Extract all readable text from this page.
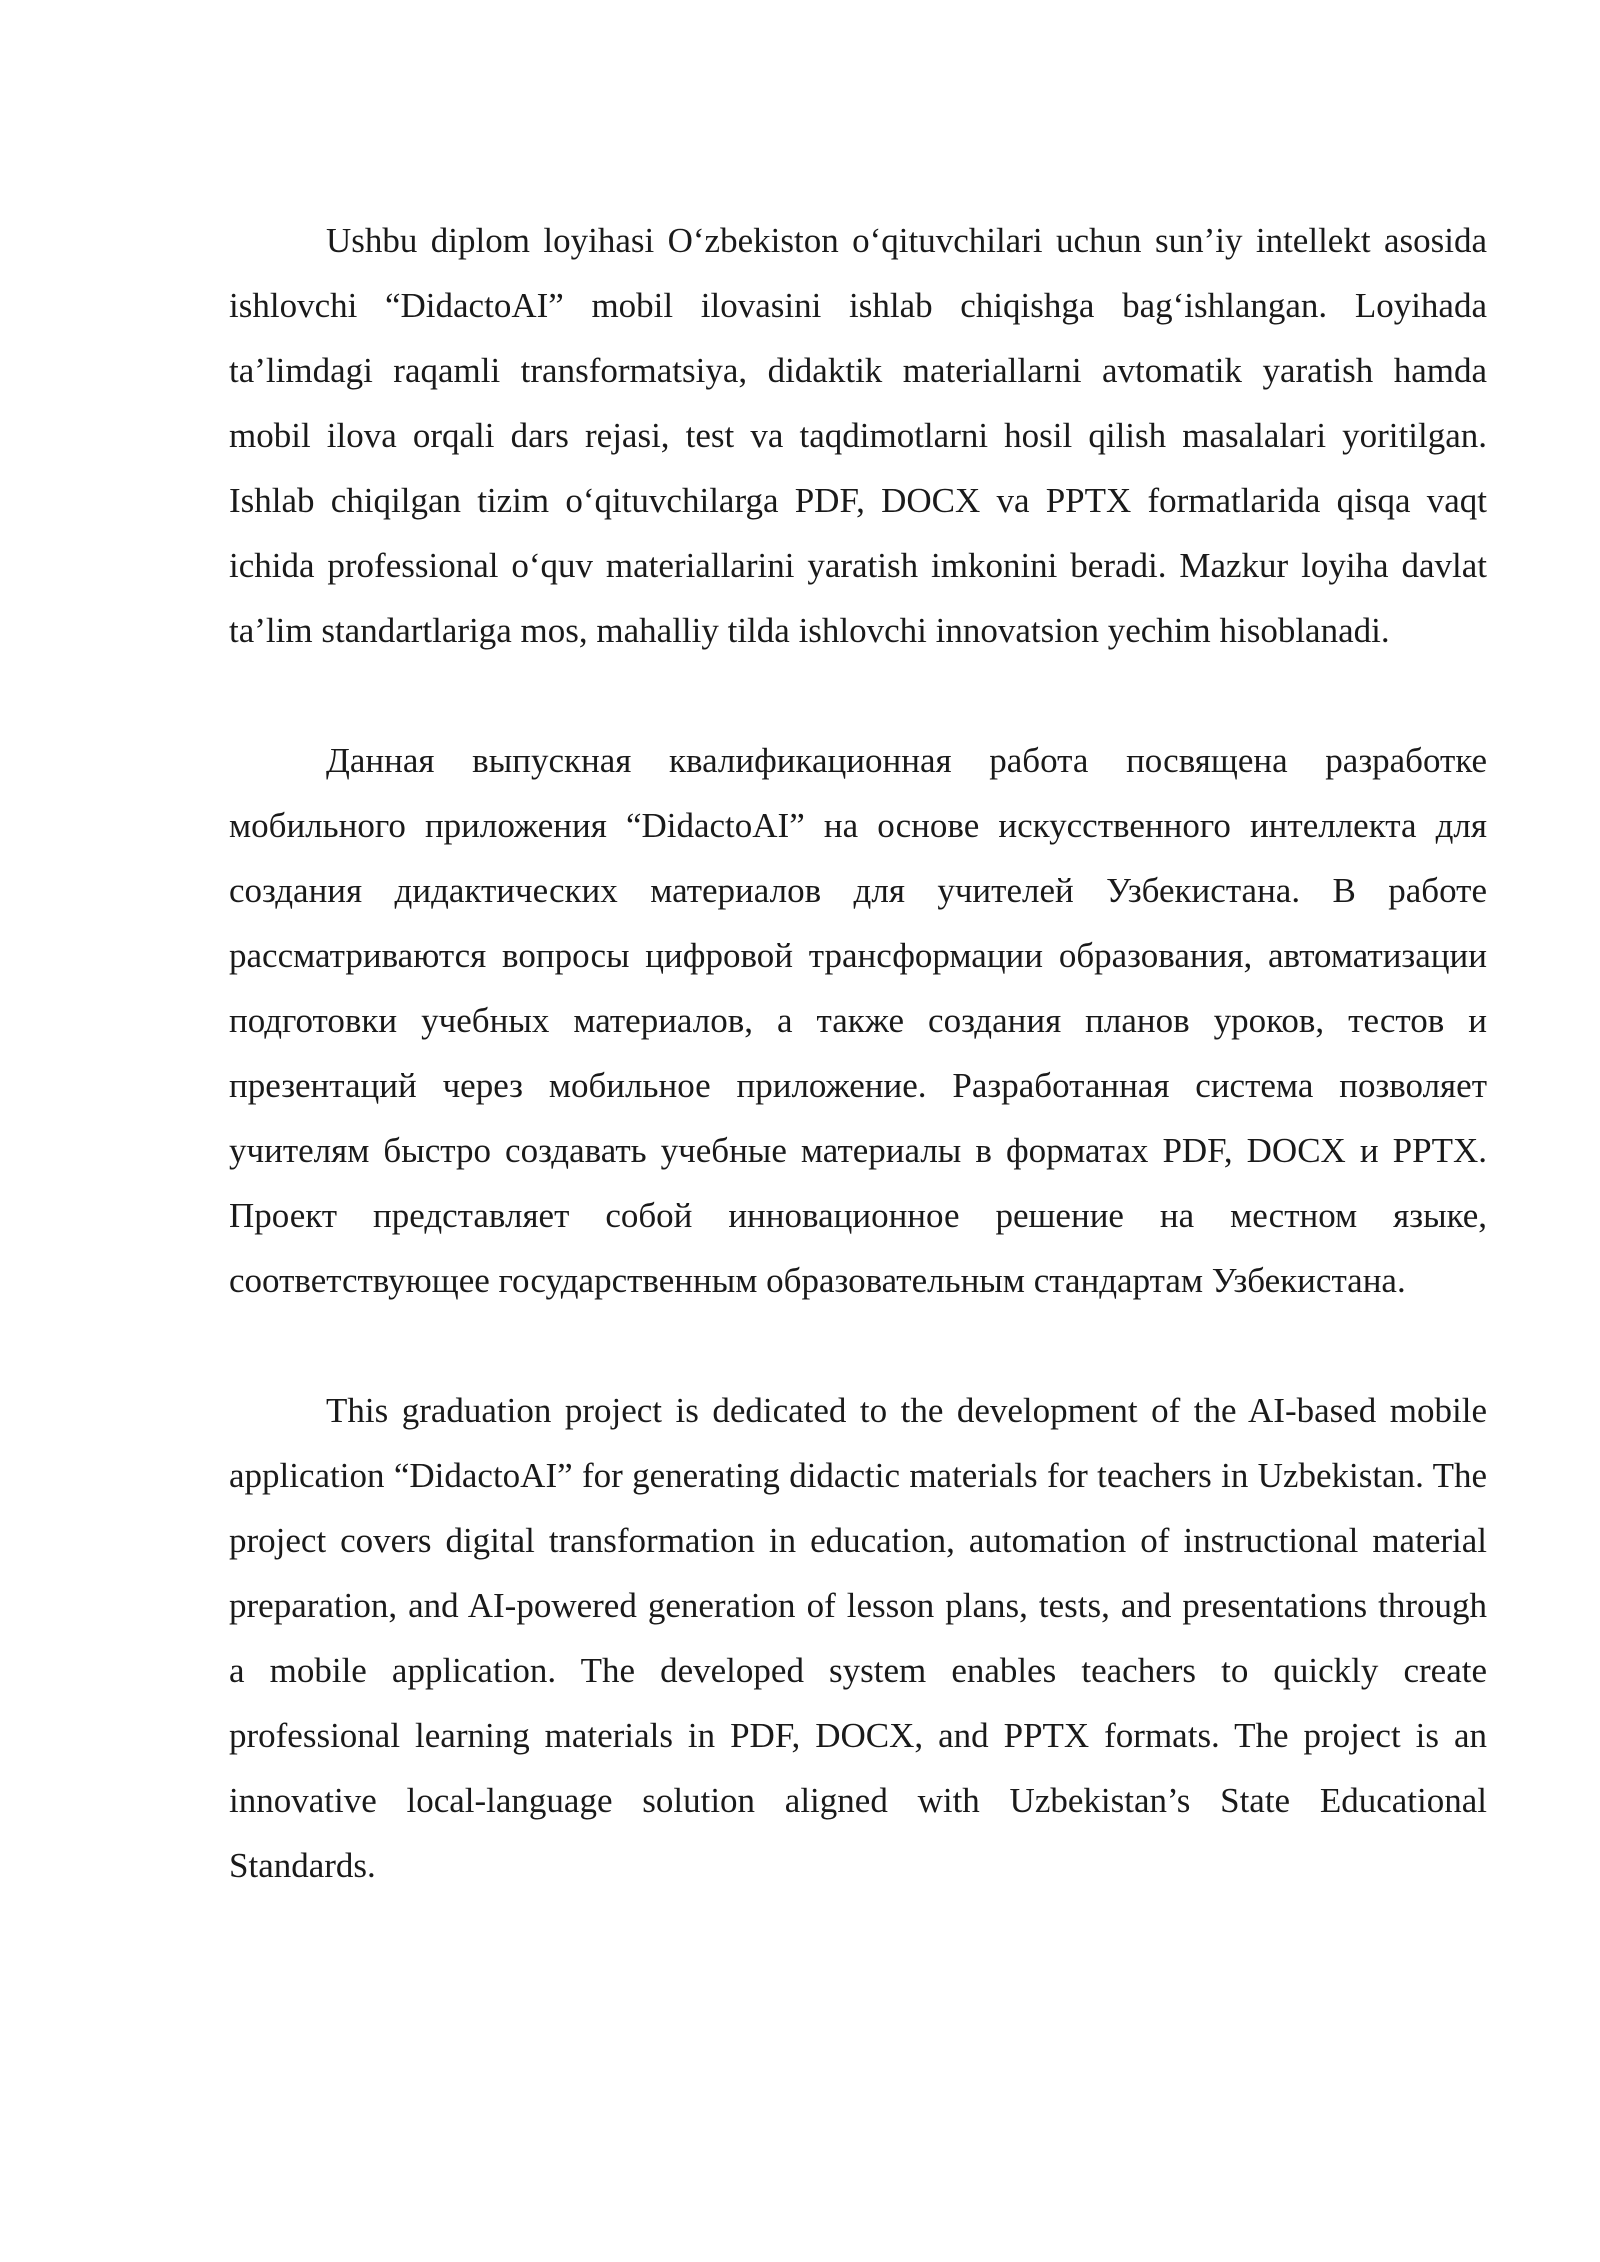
Ushbu diplom loyihasi O‘zbekiston o‘qituvchilari uchun sun’iy intellekt asosida ishlovchi “DidactoAI” mobil ilovasini ishlab chiqishga bag‘ishlangan. Loyihada ta’limdagi raqamli transformatsiya, didaktik materiallarni avtomatik yaratish hamda mobil ilova orqali dars rejasi, test va taqdimotlarni hosil qilish masalalari yoritilgan. Ishlab chiqilgan tizim o‘qituvchilarga PDF, DOCX va PPTX formatlarida qisqa vaqt ichida professional o‘quv materiallarini yaratish imkonini beradi. Mazkur loyiha davlat ta’lim standartlariga mos, mahalliy tilda ishlovchi innovatsion yechim hisoblanadi.

Данная выпускная квалификационная работа посвящена разработке мобильного приложения “DidactoAI” на основе искусственного интеллекта для создания дидактических материалов для учителей Узбекистана. В работе рассматриваются вопросы цифровой трансформации образования, автоматизации подготовки учебных материалов, а также создания планов уроков, тестов и презентаций через мобильное приложение. Разработанная система позволяет учителям быстро создавать учебные материалы в форматах PDF, DOCX и PPTX. Проект представляет собой инновационное решение на местном языке, соответствующее государственным образовательным стандартам Узбекистана.

This graduation project is dedicated to the development of the AI-based mobile application “DidactoAI” for generating didactic materials for teachers in Uzbekistan. The project covers digital transformation in education, automation of instructional material preparation, and AI-powered generation of lesson plans, tests, and presentations through a mobile application. The developed system enables teachers to quickly create professional learning materials in PDF, DOCX, and PPTX formats. The project is an innovative local-language solution aligned with Uzbekistan’s State Educational Standards.
